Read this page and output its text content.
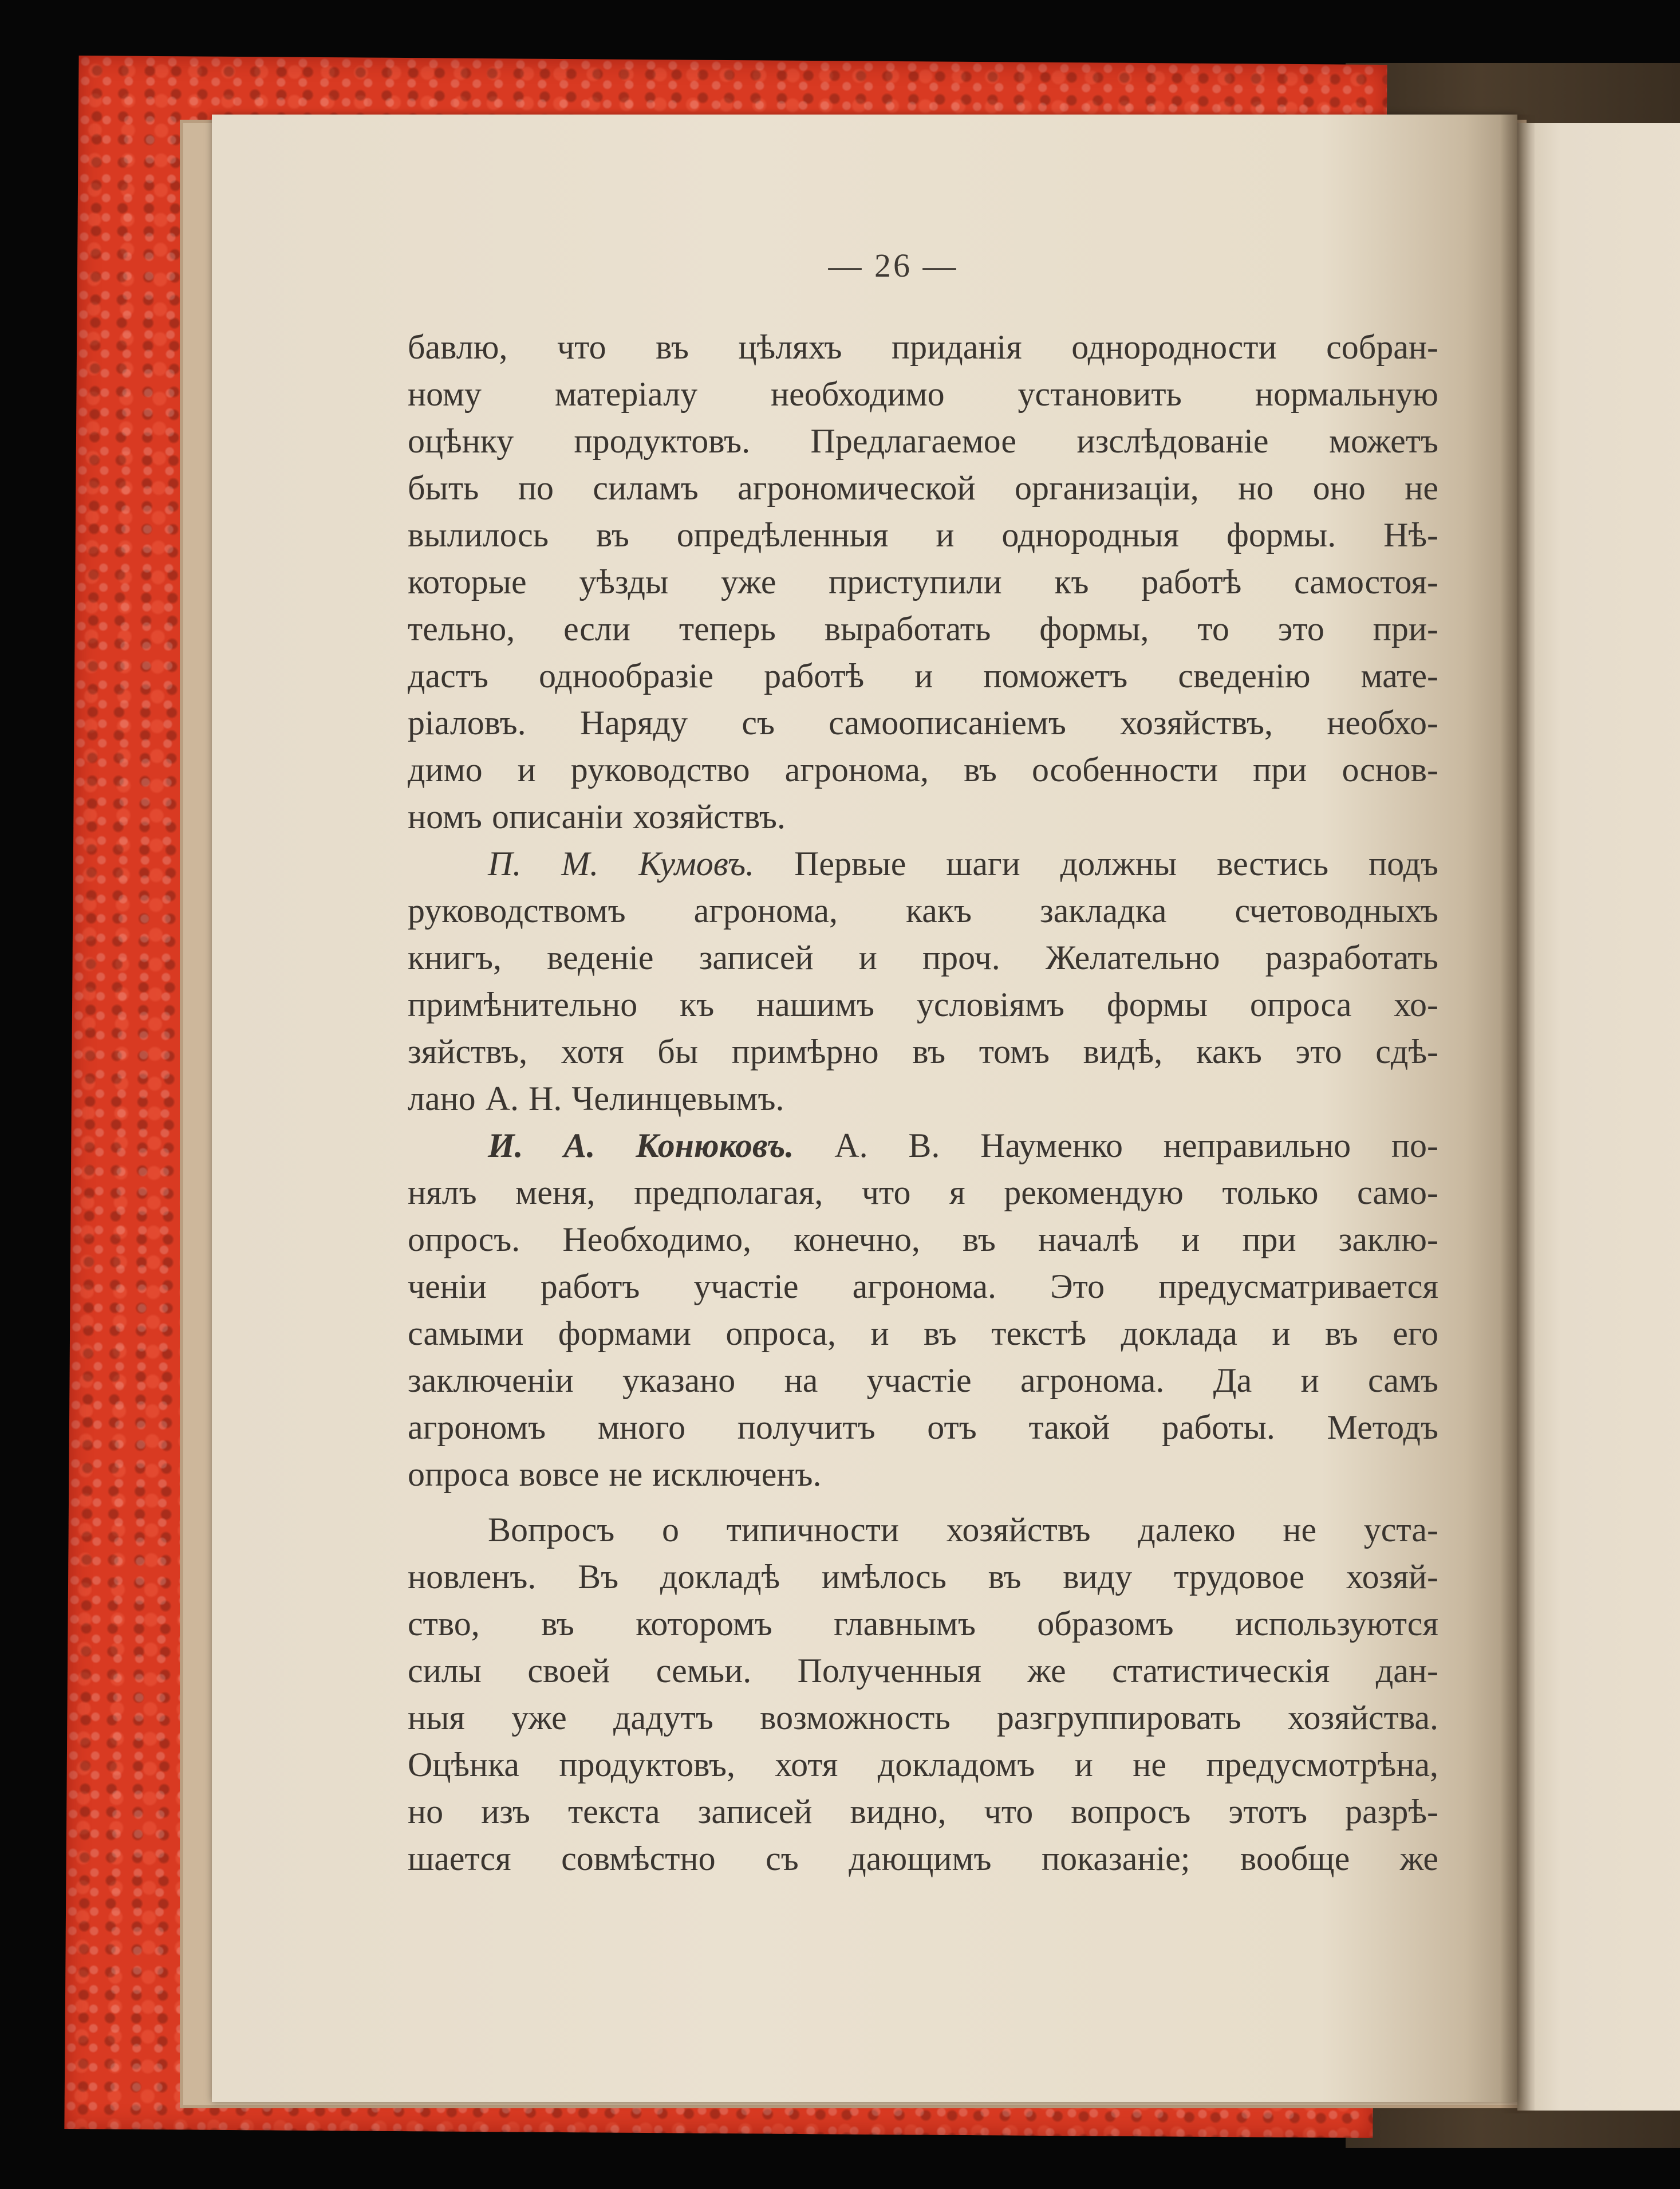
— 26 —
бавлю, что въ цѣляхъ приданія однородности собран-
ному матеріалу необходимо установить нормальную
оцѣнку продуктовъ. Предлагаемое изслѣдованіе можетъ
быть по силамъ агрономической организаціи, но оно не
вылилось въ опредѣленныя и однородныя формы. Нѣ-
которые уѣзды уже приступили къ работѣ самостоя-
тельно, если теперь выработать формы, то это при-
дастъ однообразіе работѣ и поможетъ сведенію мате-
ріаловъ. Наряду съ самоописаніемъ хозяйствъ, необхо-
димо и руководство агронома, въ особенности при основ-
номъ описаніи хозяйствъ.
П. М. Кумовъ. Первые шаги должны вестись подъ
руководствомъ агронома, какъ закладка счетоводныхъ
книгъ, веденіе записей и проч. Желательно разработать
примѣнительно къ нашимъ условіямъ формы опроса хо-
зяйствъ, хотя бы примѣрно въ томъ видѣ, какъ это сдѣ-
лано А. Н. Челинцевымъ.
И. А. Конюковъ. А. В. Науменко неправильно по-
нялъ меня, предполагая, что я рекомендую только само-
опросъ. Необходимо, конечно, въ началѣ и при заклю-
ченіи работъ участіе агронома. Это предусматривается
самыми формами опроса, и въ текстѣ доклада и въ его
заключеніи указано на участіе агронома. Да и самъ
агрономъ много получитъ отъ такой работы. Методъ
опроса вовсе не исключенъ.
Вопросъ о типичности хозяйствъ далеко не уста-
новленъ. Въ докладѣ имѣлось въ виду трудовое хозяй-
ство, въ которомъ главнымъ образомъ используются
силы своей семьи. Полученныя же статистическія дан-
ныя уже дадутъ возможность разгруппировать хозяйства.
Оцѣнка продуктовъ, хотя докладомъ и не предусмотрѣна,
но изъ текста записей видно, что вопросъ этотъ разрѣ-
шается совмѣстно съ дающимъ показаніе; вообще же
